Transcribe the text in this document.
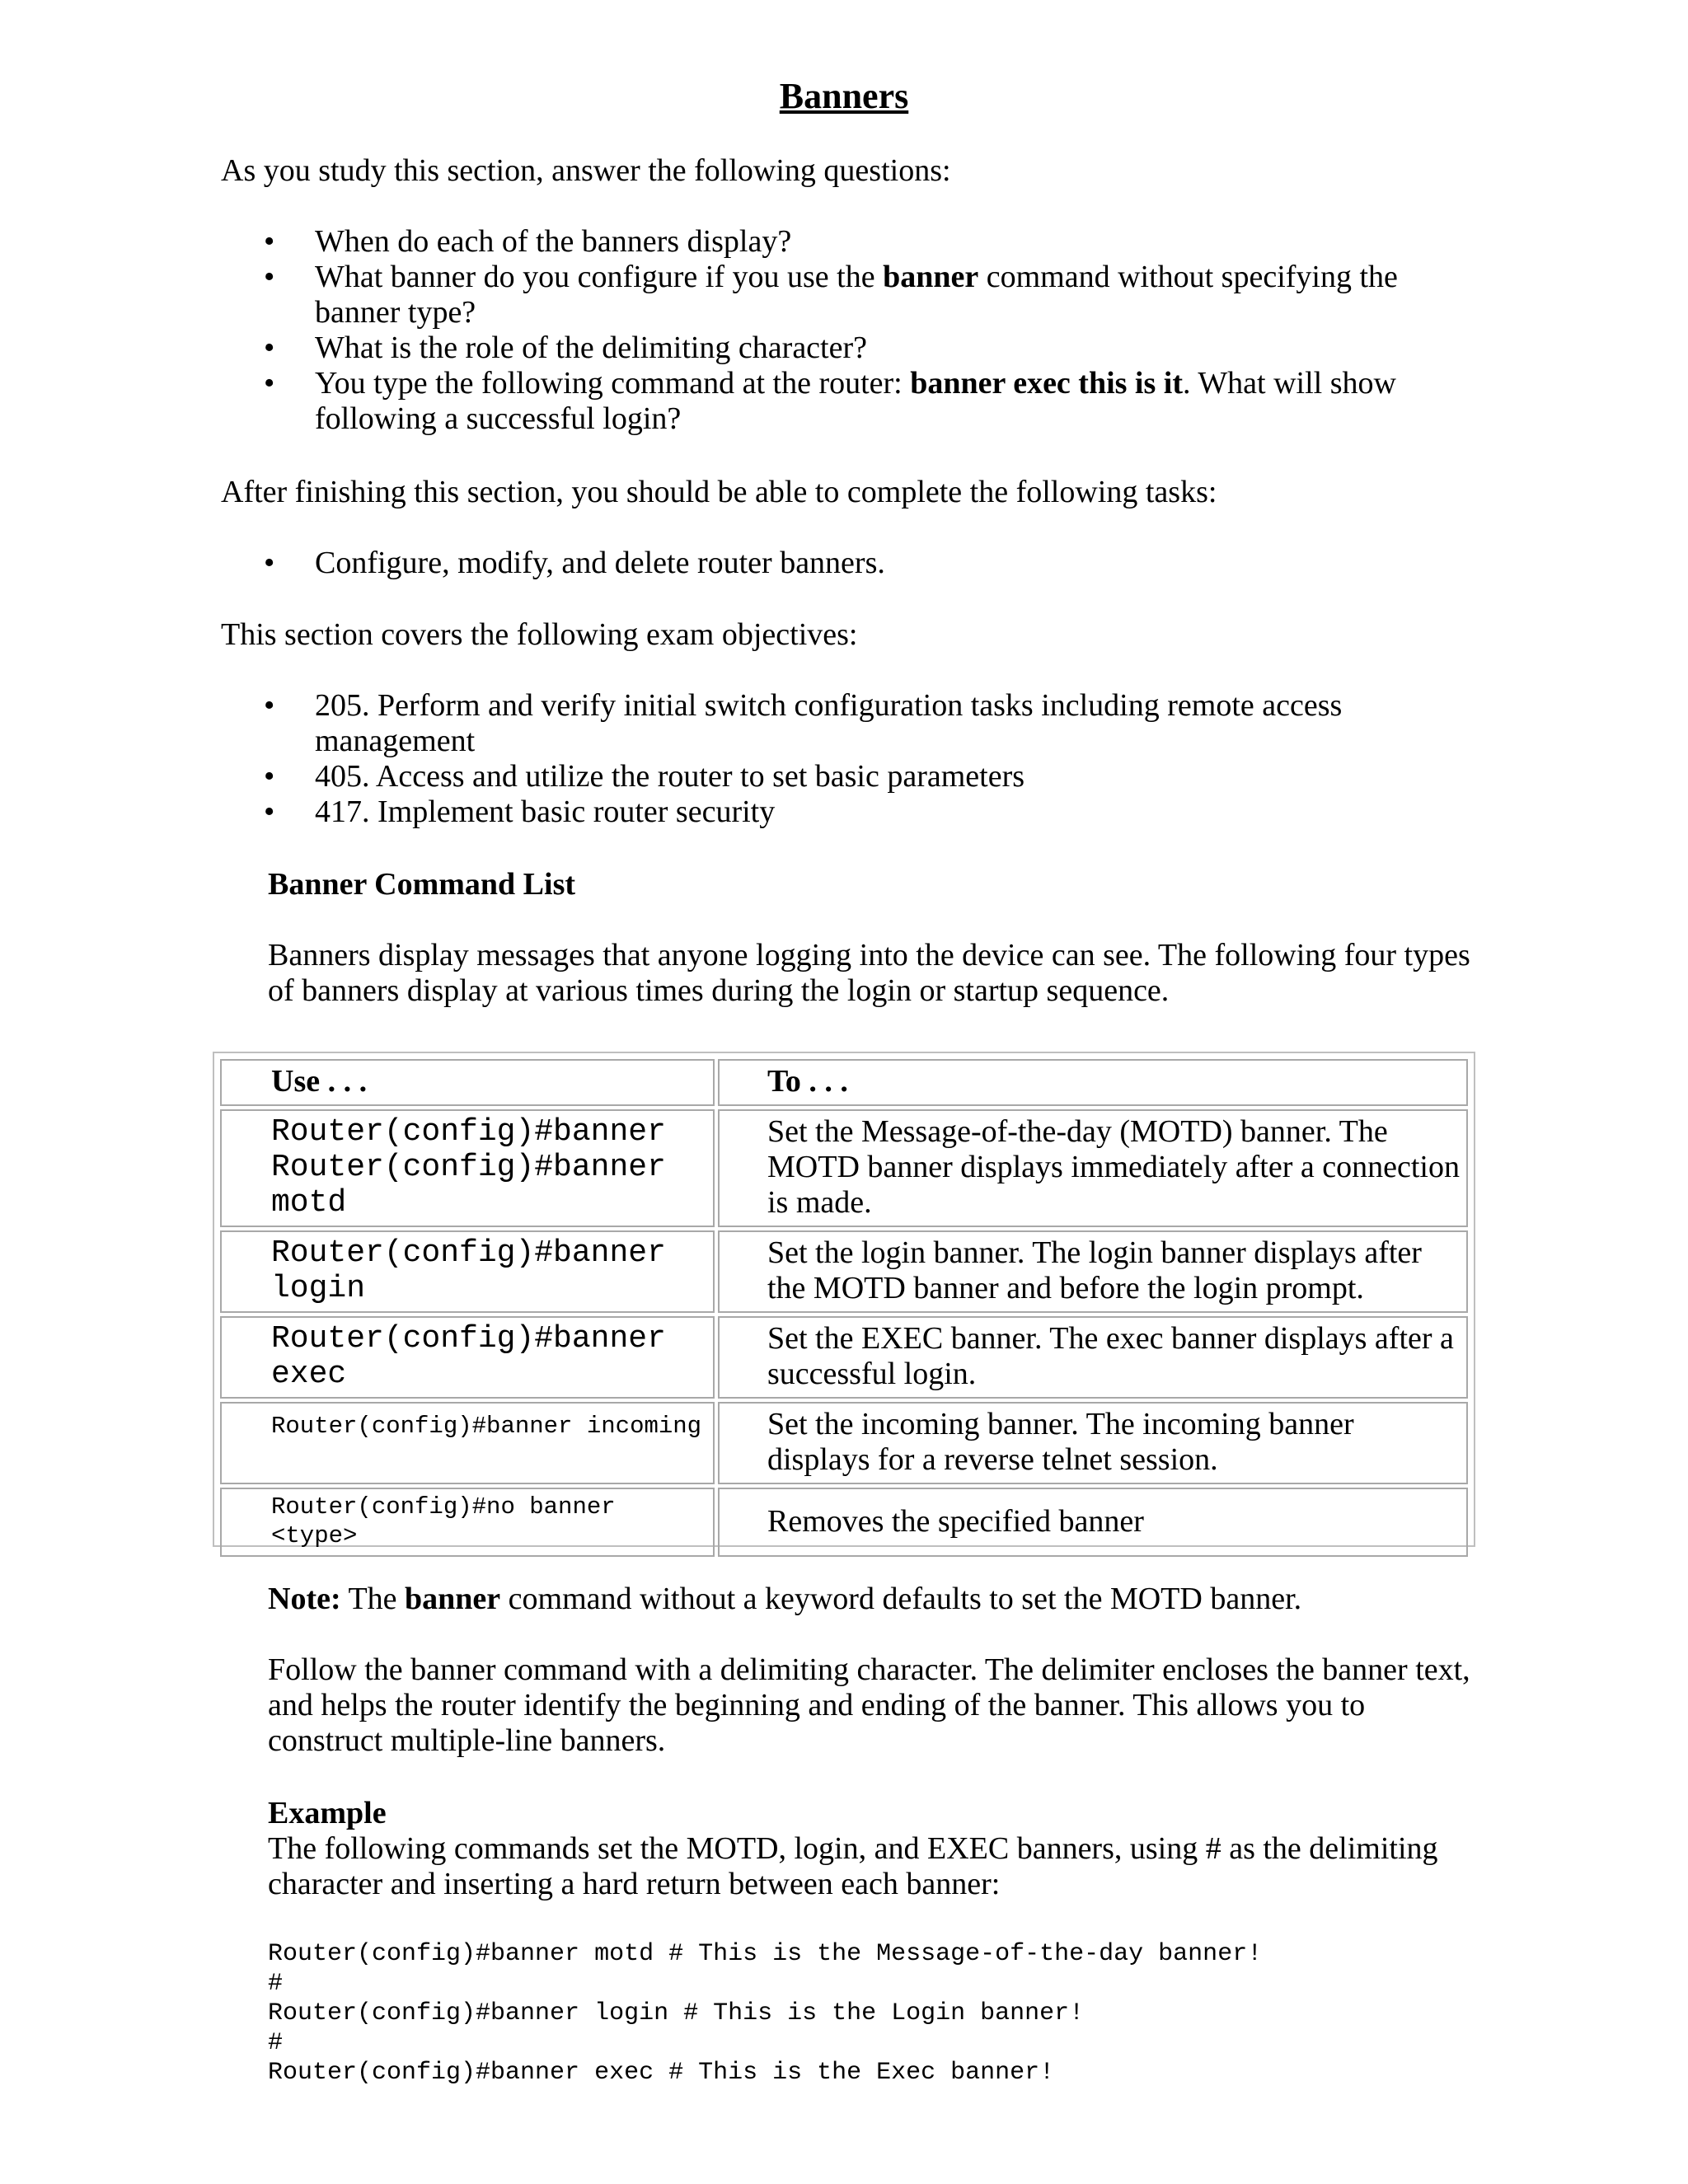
Banners

As you study this section, answer the following questions:

• When do each of the banners display?
• What banner do you configure if you use the banner command without specifying the banner type?
• What is the role of the delimiting character?
• You type the following command at the router: banner exec this is it. What will show following a successful login?

After finishing this section, you should be able to complete the following tasks:

• Configure, modify, and delete router banners.

This section covers the following exam objectives:

• 205. Perform and verify initial switch configuration tasks including remote access management
• 405. Access and utilize the router to set basic parameters
• 417. Implement basic router security

Banner Command List

Banners display messages that anyone logging into the device can see. The following four types of banners display at various times during the login or startup sequence.

Use . . .	To . . .
Router(config)#banner Router(config)#banner motd	Set the Message-of-the-day (MOTD) banner. The MOTD banner displays immediately after a connection is made.
Router(config)#banner login	Set the login banner. The login banner displays after the MOTD banner and before the login prompt.
Router(config)#banner exec	Set the EXEC banner. The exec banner displays after a successful login.
Router(config)#banner incoming	Set the incoming banner. The incoming banner displays for a reverse telnet session.
Router(config)#no banner <type>	Removes the specified banner

Note: The banner command without a keyword defaults to set the MOTD banner.

Follow the banner command with a delimiting character. The delimiter encloses the banner text, and helps the router identify the beginning and ending of the banner. This allows you to construct multiple-line banners.

Example

The following commands set the MOTD, login, and EXEC banners, using # as the delimiting character and inserting a hard return between each banner:

Router(config)#banner motd # This is the Message-of-the-day banner!
#
Router(config)#banner login # This is the Login banner!
#
Router(config)#banner exec # This is the Exec banner!
